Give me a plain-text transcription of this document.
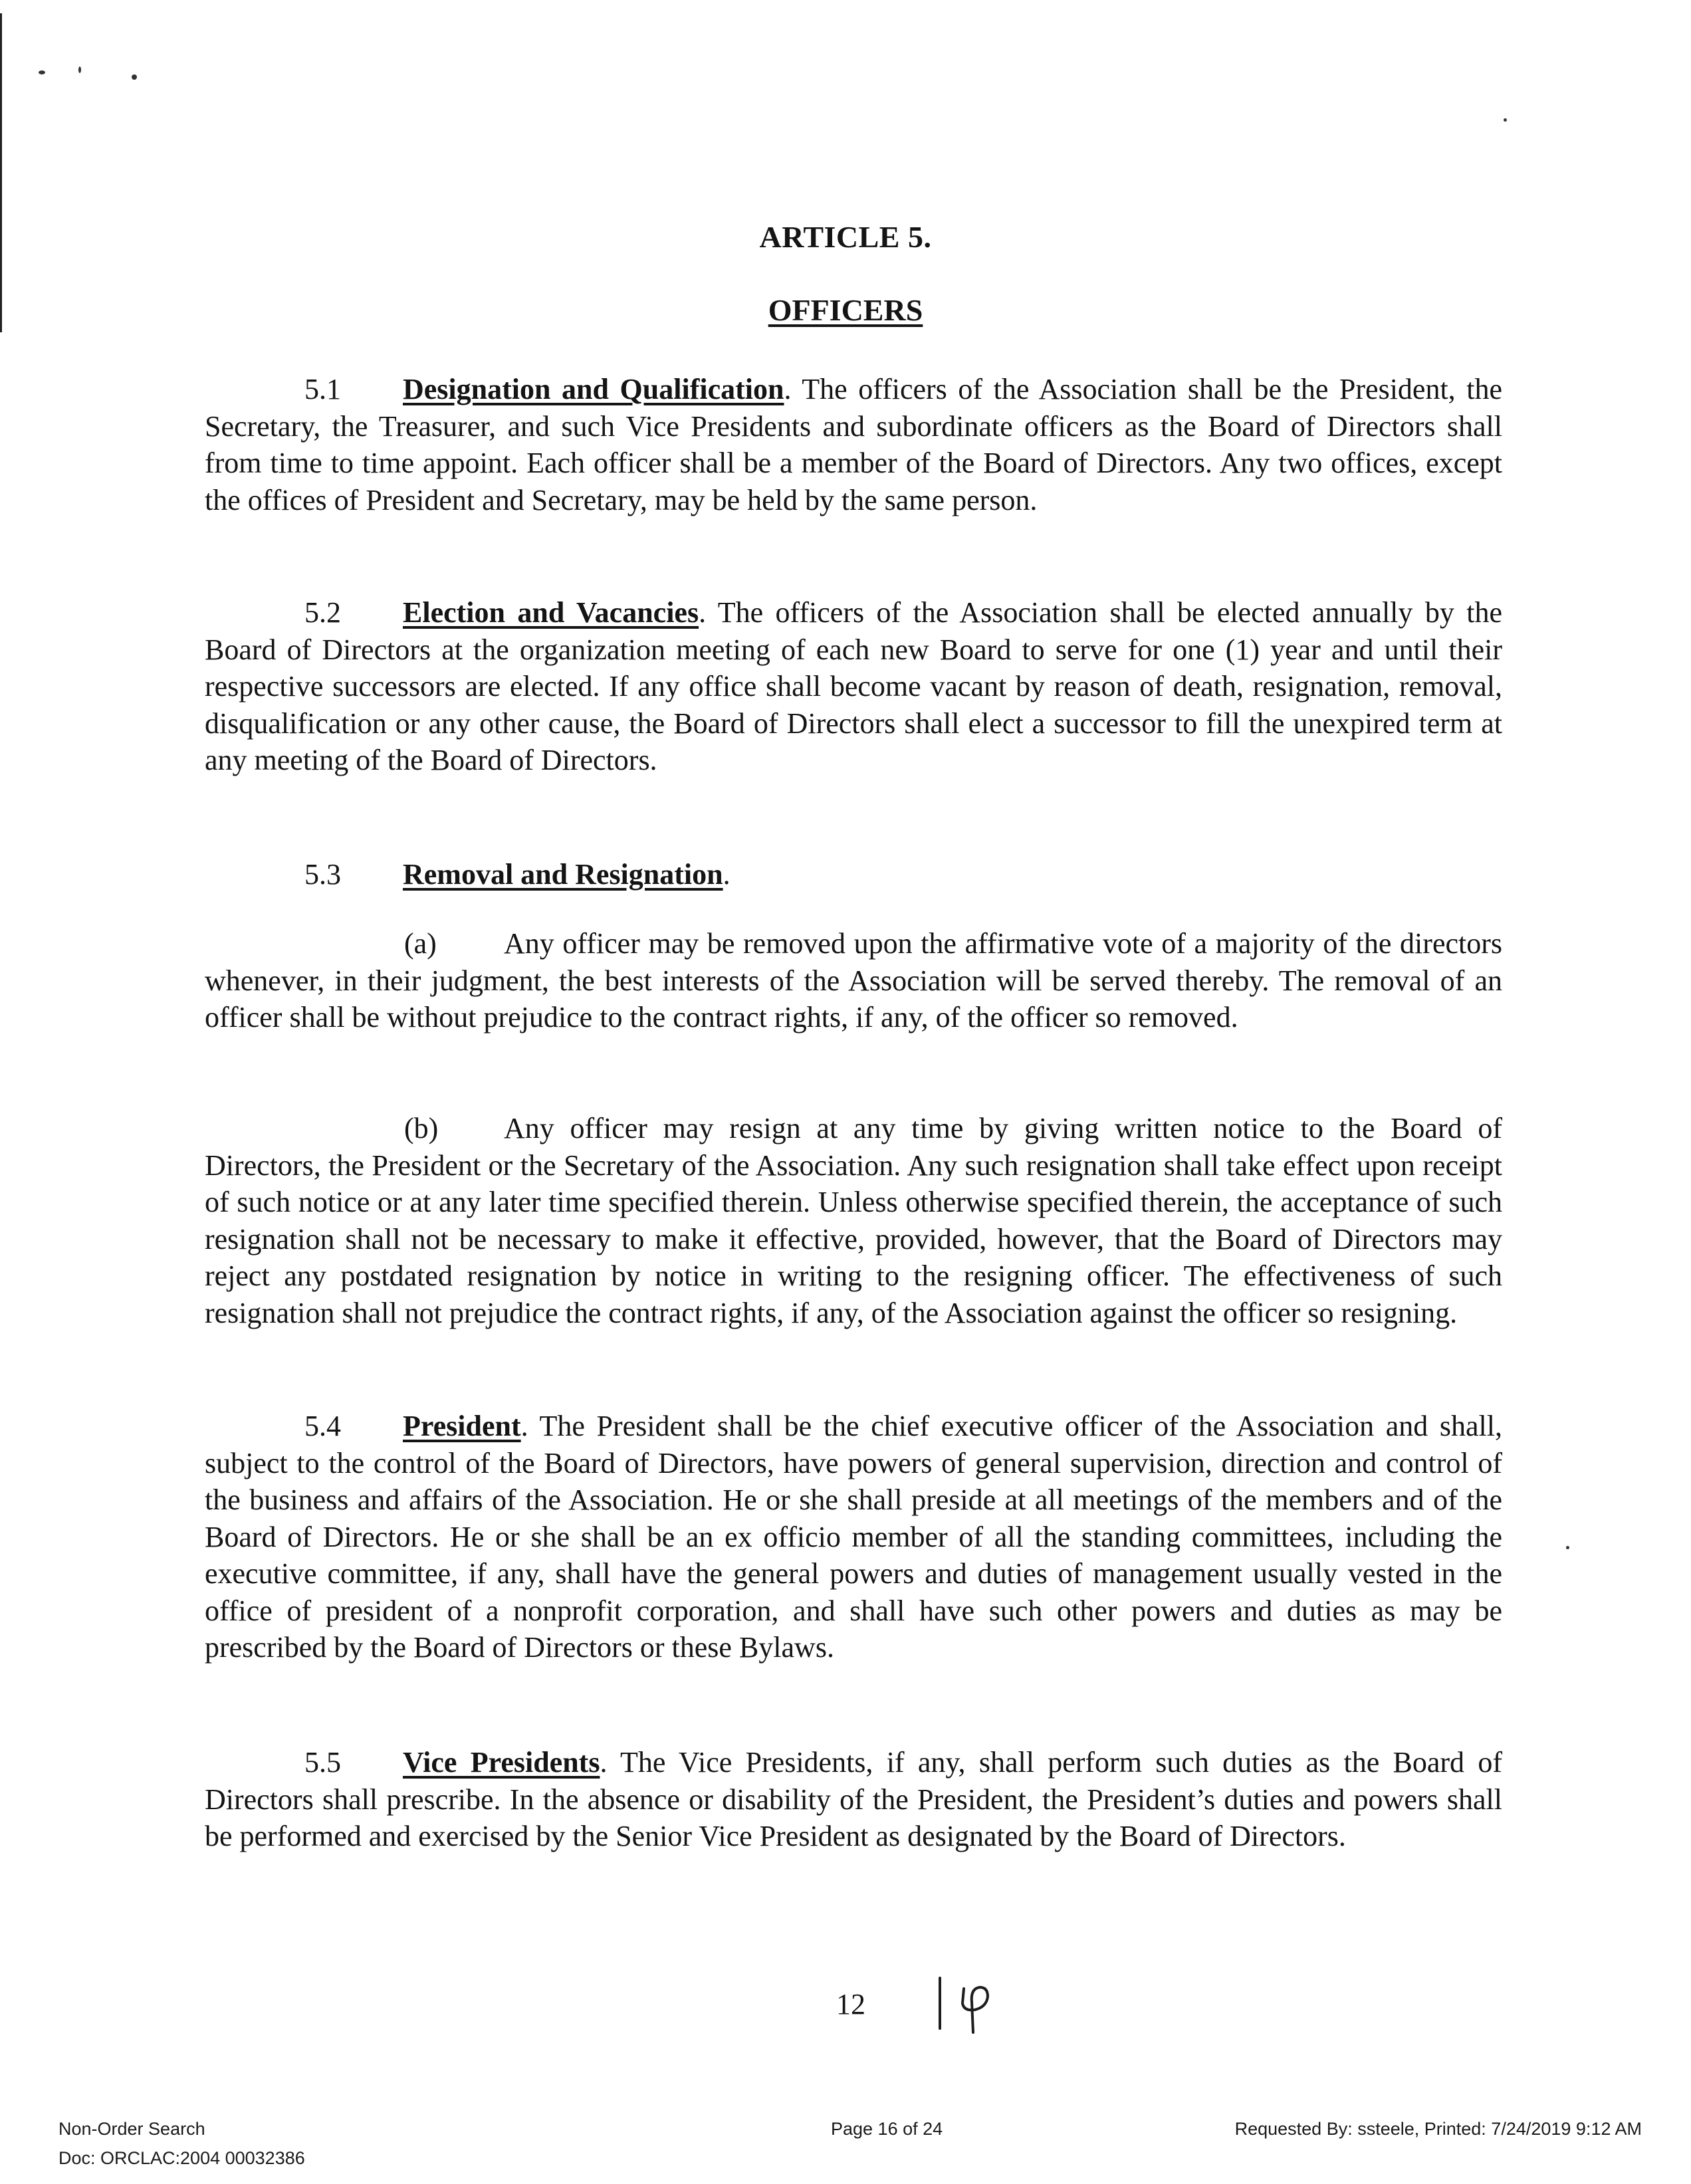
ARTICLE 5.
OFFICERS

5.1 Designation and Qualification. The officers of the Association shall be the President, the Secretary, the Treasurer, and such Vice Presidents and subordinate officers as the Board of Directors shall from time to time appoint. Each officer shall be a member of the Board of Directors. Any two offices, except the offices of President and Secretary, may be held by the same person.

5.2 Election and Vacancies. The officers of the Association shall be elected annually by the Board of Directors at the organization meeting of each new Board to serve for one (1) year and until their respective successors are elected. If any office shall become vacant by reason of death, resignation, removal, disqualification or any other cause, the Board of Directors shall elect a successor to fill the unexpired term at any meeting of the Board of Directors.

5.3 Removal and Resignation.

(a) Any officer may be removed upon the affirmative vote of a majority of the directors whenever, in their judgment, the best interests of the Association will be served thereby. The removal of an officer shall be without prejudice to the contract rights, if any, of the officer so removed.

(b) Any officer may resign at any time by giving written notice to the Board of Directors, the President or the Secretary of the Association. Any such resignation shall take effect upon receipt of such notice or at any later time specified therein. Unless otherwise specified therein, the acceptance of such resignation shall not be necessary to make it effective, provided, however, that the Board of Directors may reject any postdated resignation by notice in writing to the resigning officer. The effectiveness of such resignation shall not prejudice the contract rights, if any, of the Association against the officer so resigning.

5.4 President. The President shall be the chief executive officer of the Association and shall, subject to the control of the Board of Directors, have powers of general supervision, direction and control of the business and affairs of the Association. He or she shall preside at all meetings of the members and of the Board of Directors. He or she shall be an ex officio member of all the standing committees, including the executive committee, if any, shall have the general powers and duties of management usually vested in the office of president of a nonprofit corporation, and shall have such other powers and duties as may be prescribed by the Board of Directors or these Bylaws.

5.5 Vice Presidents. The Vice Presidents, if any, shall perform such duties as the Board of Directors shall prescribe. In the absence or disability of the President, the President’s duties and powers shall be performed and exercised by the Senior Vice President as designated by the Board of Directors.

12
Non-Order Search
Doc: ORCLAC:2004 00032386
Page 16 of 24	Requested By: ssteele, Printed: 7/24/2019 9:12 AM
